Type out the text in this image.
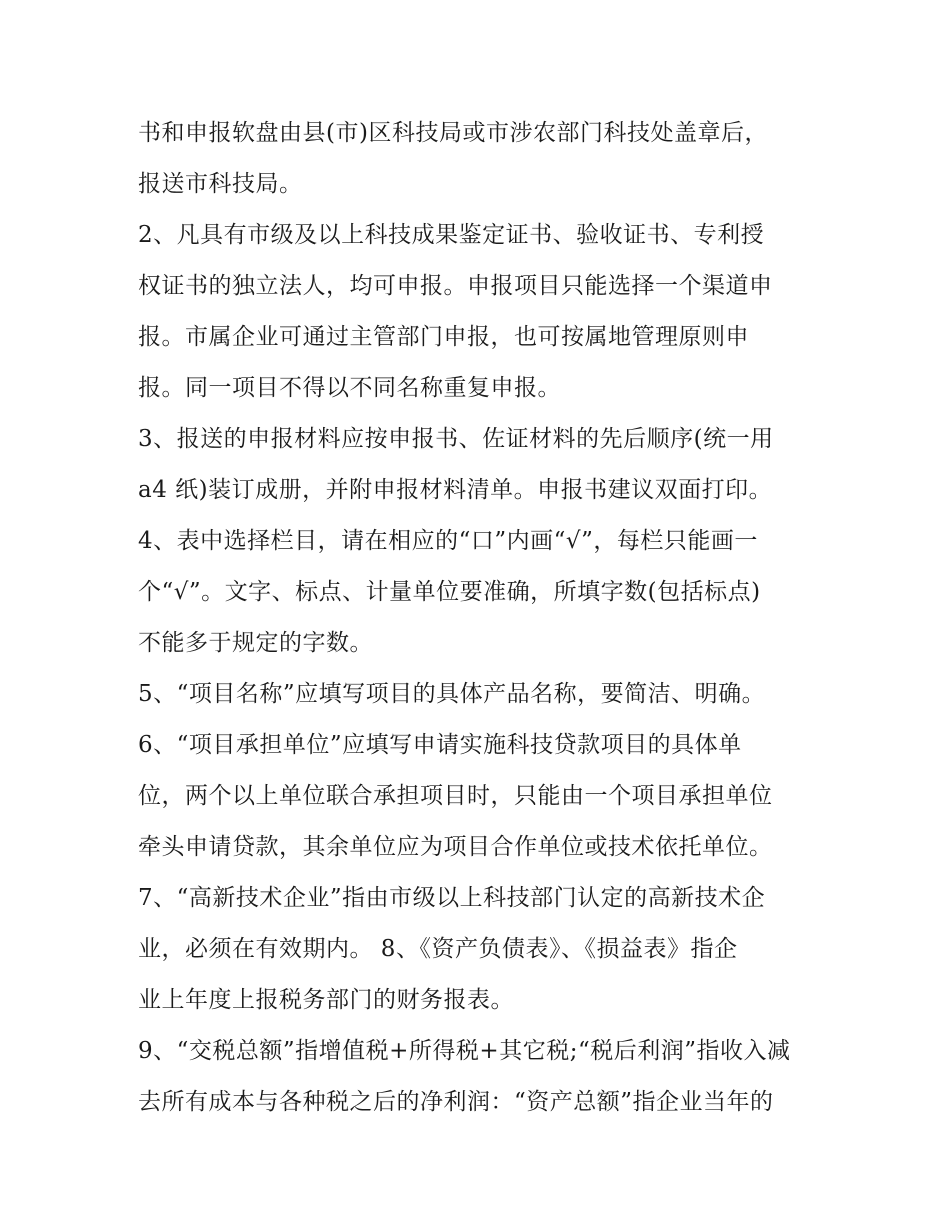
书和申报软盘由县(市)区科技局或市涉农部门科技处盖章后，
报送市科技局。
2、凡具有市级及以上科技成果鉴定证书、验收证书、专利授
权证书的独立法人，均可申报。申报项目只能选择一个渠道申
报。市属企业可通过主管部门申报，也可按属地管理原则申
报。同一项目不得以不同名称重复申报。
3、报送的申报材料应按申报书、佐证材料的先后顺序(统一用
a4 纸)装订成册，并附申报材料清单。申报书建议双面打印。
4、表中选择栏目，请在相应的“口”内画“√”，每栏只能画一
个“√”。文字、标点、计量单位要准确，所填字数(包括标点)
不能多于规定的字数。
5、“项目名称”应填写项目的具体产品名称，要简洁、明确。
6、“项目承担单位”应填写申请实施科技贷款项目的具体单
位，两个以上单位联合承担项目时，只能由一个项目承担单位
牵头申请贷款，其余单位应为项目合作单位或技术依托单位。
7、“高新技术企业”指由市级以上科技部门认定的高新技术企
业，必须在有效期内。 8、《资产负债表》、《损益表》指企
业上年度上报税务部门的财务报表。
9、“交税总额”指增值税+所得税+其它税;“税后利润”指收入减
去所有成本与各种税之后的净利润：“资产总额”指企业当年的
